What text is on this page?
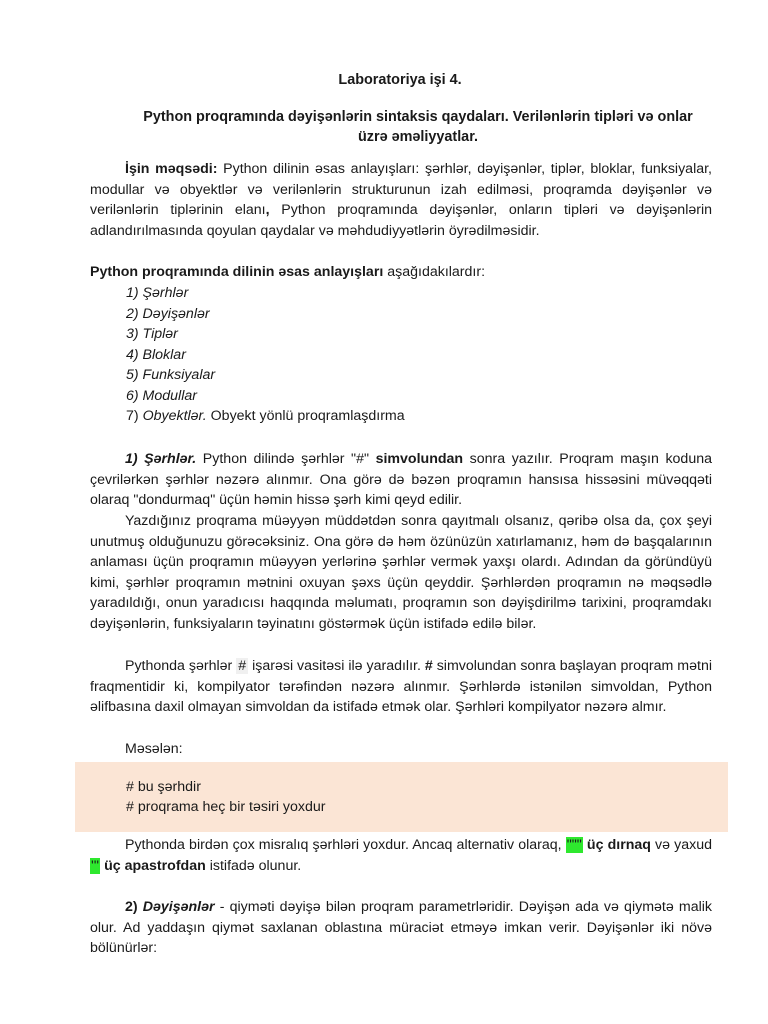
Laboratoriya işi 4.
Python proqramında dəyişənlərin sintaksis qaydaları. Verilənlərin tipləri və onlar
üzrə əməliyyatlar.
İşin məqsədi: Python dilinin əsas anlayışları: şərhlər, dəyişənlər, tiplər, bloklar, funksiyalar, modullar və obyektlər və verilənlərin strukturunun izah edilməsi, proqramda dəyişənlər və verilənlərin tiplərinin elanı, Python proqramında dəyişənlər, onların tipləri və dəyişənlərin adlandırılmasında qoyulan qaydalar və məhdudiyyətlərin öyrədilməsidir.
Python proqramında dilinin əsas anlayışları aşağıdakılardır:
1) Şərhlər
2) Dəyişənlər
3) Tiplər
4) Bloklar
5) Funksiyalar
6) Modullar
7) Obyektlər. Obyekt yönlü proqramlaşdırma
1) Şərhlər. Python dilində şərhlər "#" simvolundan sonra yazılır. Proqram maşın koduna çevrilərkən şərhlər nəzərə alınmır. Ona görə də bəzən proqramın hansısa hissəsini müvəqqəti olaraq "dondurmaq" üçün həmin hissə şərh kimi qeyd edilir.
Yazdığınız proqrama müəyyən müddətdən sonra qayıtmalı olsanız, qəribə olsa da, çox şeyi unutmuş olduğunuzu görəcəksiniz. Ona görə də həm özünüzün xatırlamanız, həm də başqalarının anlaması üçün proqramın müəyyən yerlərinə şərhlər vermək yaxşı olardı. Adından da göründüyü kimi, şərhlər proqramın mətnini oxuyan şəxs üçün qeyddir. Şərhlərdən proqramın nə məqsədlə yaradıldığı, onun yaradıcısı haqqında məlumatı, proqramın son dəyişdirilmə tarixini, proqramdakı dəyişənlərin, funksiyaların təyinatını göstərmək üçün istifadə edilə bilər.
Pythonda şərhlər # işarəsi vasitəsi ilə yaradılır. # simvolundan sonra başlayan proqram mətni fraqmentidir ki, kompilyator tərəfindən nəzərə alınmır. Şərhlərdə istənilən simvoldan, Python əlifbasına daxil olmayan simvoldan da istifadə etmək olar. Şərhləri kompilyator nəzərə almır.
Məsələn:
# bu şərhdir
# proqrama heç bir təsiri yoxdur
Pythonda birdən çox misralıq şərhləri yoxdur. Ancaq alternativ olaraq, """ üç dırnaq və yaxud ''' üç apastrofdan istifadə olunur.
2) Dəyişənlər - qiyməti dəyişə bilən proqram parametrləridir. Dəyişən ada və qiymətə malik olur. Ad yaddaşın qiymət saxlanan oblastına müraciət etməyə imkan verir. Dəyişənlər iki növə bölünürlər:
